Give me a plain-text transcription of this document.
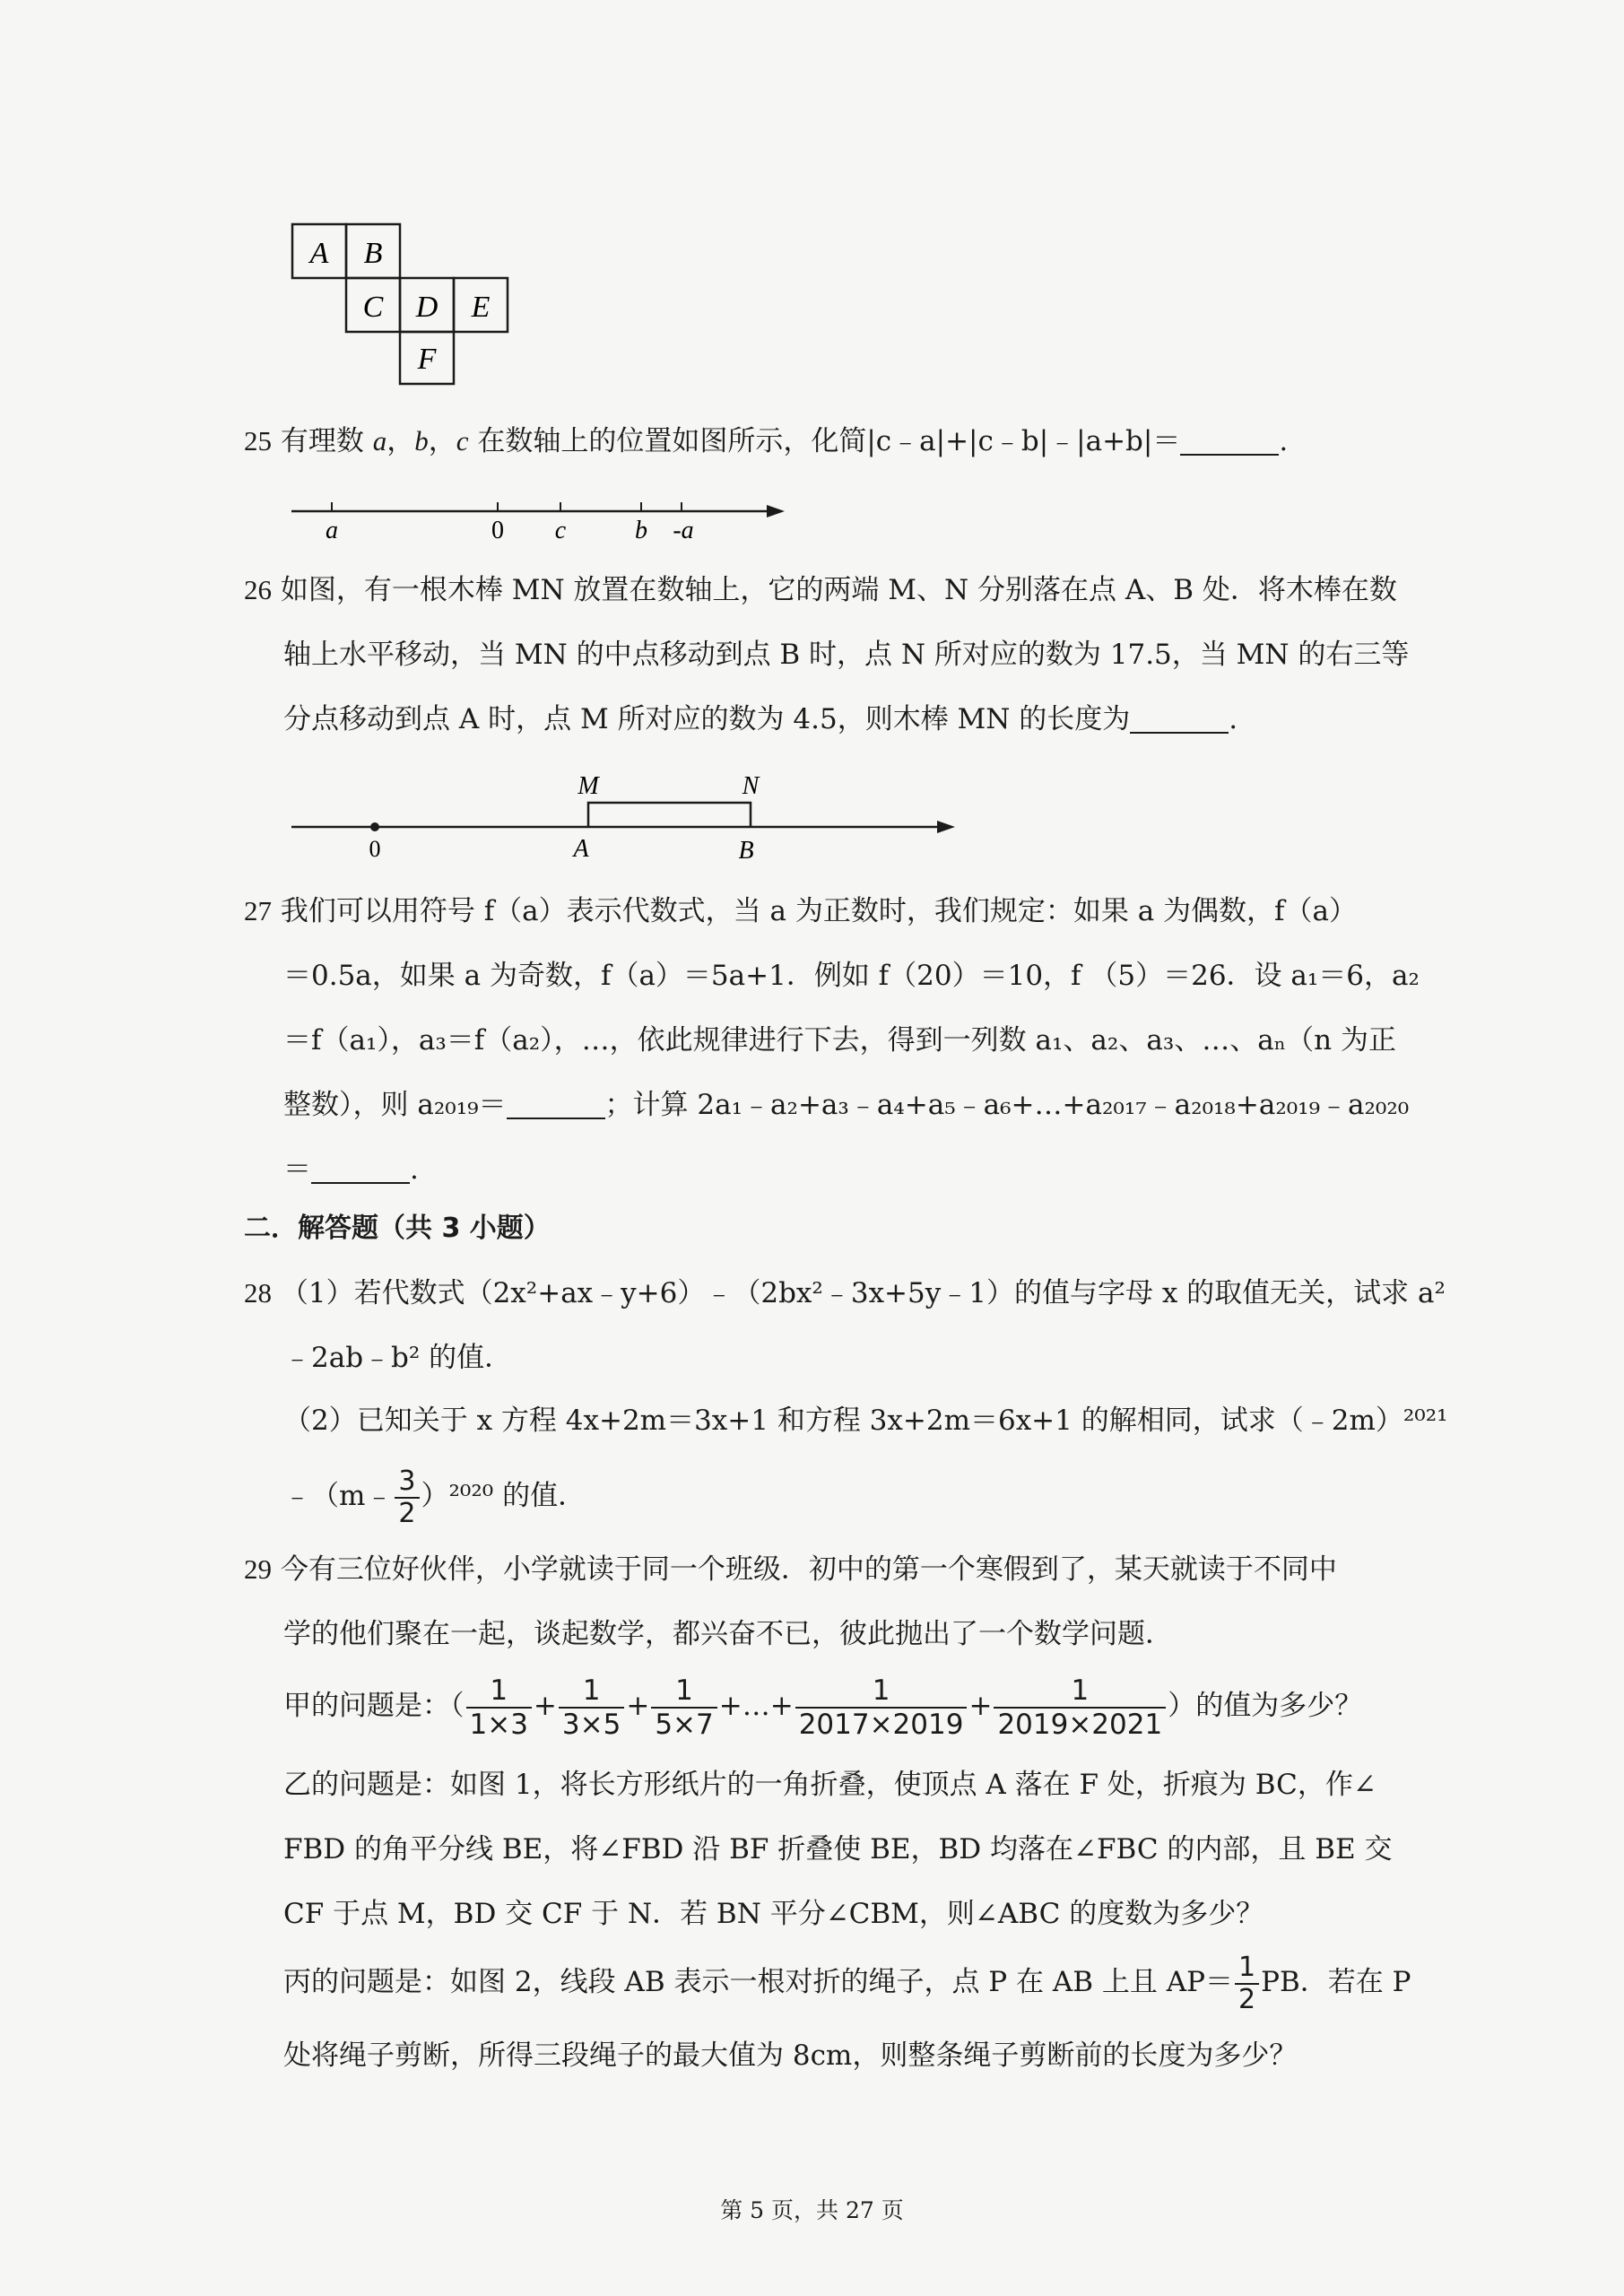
A B
C D E
F
25 有理数 a，b，c 在数轴上的位置如图所示，化简|c﹣a|+|c﹣b|﹣|a+b|＝	.
a	0 c	b -a
26 如图，有一根木棒 MN 放置在数轴上，它的两端 M、N 分别落在点 A、B 处．将木棒在数
轴上水平移动，当 MN 的中点移动到点 B 时，点 N 所对应的数为 17.5，当 MN 的右三等
分点移动到点 A 时，点 M 所对应的数为 4.5，则木棒 MN 的长度为	.
M	N
0	A	B
27 我们可以用符号 f（a）表示代数式，当 a 为正数时，我们规定：如果 a 为偶数，f（a）
＝0.5a，如果 a 为奇数，f（a）＝5a+1．例如 f（20）＝10，f （5）＝26．设 a₁＝6，a₂
＝f（a₁），a₃＝f（a₂），…，依此规律进行下去，得到一列数 a₁、a₂、a₃、…、aₙ（n 为正
整数），则 a₂₀₁₉＝	；计算 2a₁﹣a₂+a₃﹣a₄+a₅﹣a₆+…+a₂₀₁₇﹣a₂₀₁₈+a₂₀₁₉﹣a₂₀₂₀
＝	.
二．解答题（共 3 小题）
28 （1）若代数式（2x²+ax﹣y+6）﹣（2bx²﹣3x+5y﹣1）的值与字母 x 的取值无关，试求 a²
﹣2ab﹣b² 的值．
（2）已知关于 x 方程 4x+2m＝3x+1 和方程 3x+2m＝6x+1 的解相同，试求（﹣2m）²⁰²¹
﹣（m﹣ $\frac{3}{2} )^{2020}$ 的值．
29 今有三位好伙伴，小学就读于同一个班级．初中的第一个寒假到了，某天就读于不同中
学的他们聚在一起，谈起数学，都兴奋不已，彼此抛出了一个数学问题．
甲的问题是：（ $\frac{1}{1\times 3} + \frac{1}{3\times 5} + \frac{1}{5\times 7}$ +…+ $\frac{1}{2017\times 2019} + \frac{1}{2019\times 2021}$ ）的值为多少？
乙的问题是：如图 1，将长方形纸片的一角折叠，使顶点 A 落在 F 处，折痕为 BC，作∠
FBD 的角平分线 BE，将∠FBD 沿 BF 折叠使 BE，BD 均落在∠FBC 的内部，且 BE 交
CF 于点 M，BD 交 CF 于 N．若 BN 平分∠CBM，则∠ABC 的度数为多少？
丙的问题是：如图 2，线段 AB 表示一根对折的绳子，点 P 在 AB 上且 $AP= \frac{1}{2}$ PB．若在 P
处将绳子剪断，所得三段绳子的最大值为 8cm，则整条绳子剪断前的长度为多少？
第 5 页，共 27 页
